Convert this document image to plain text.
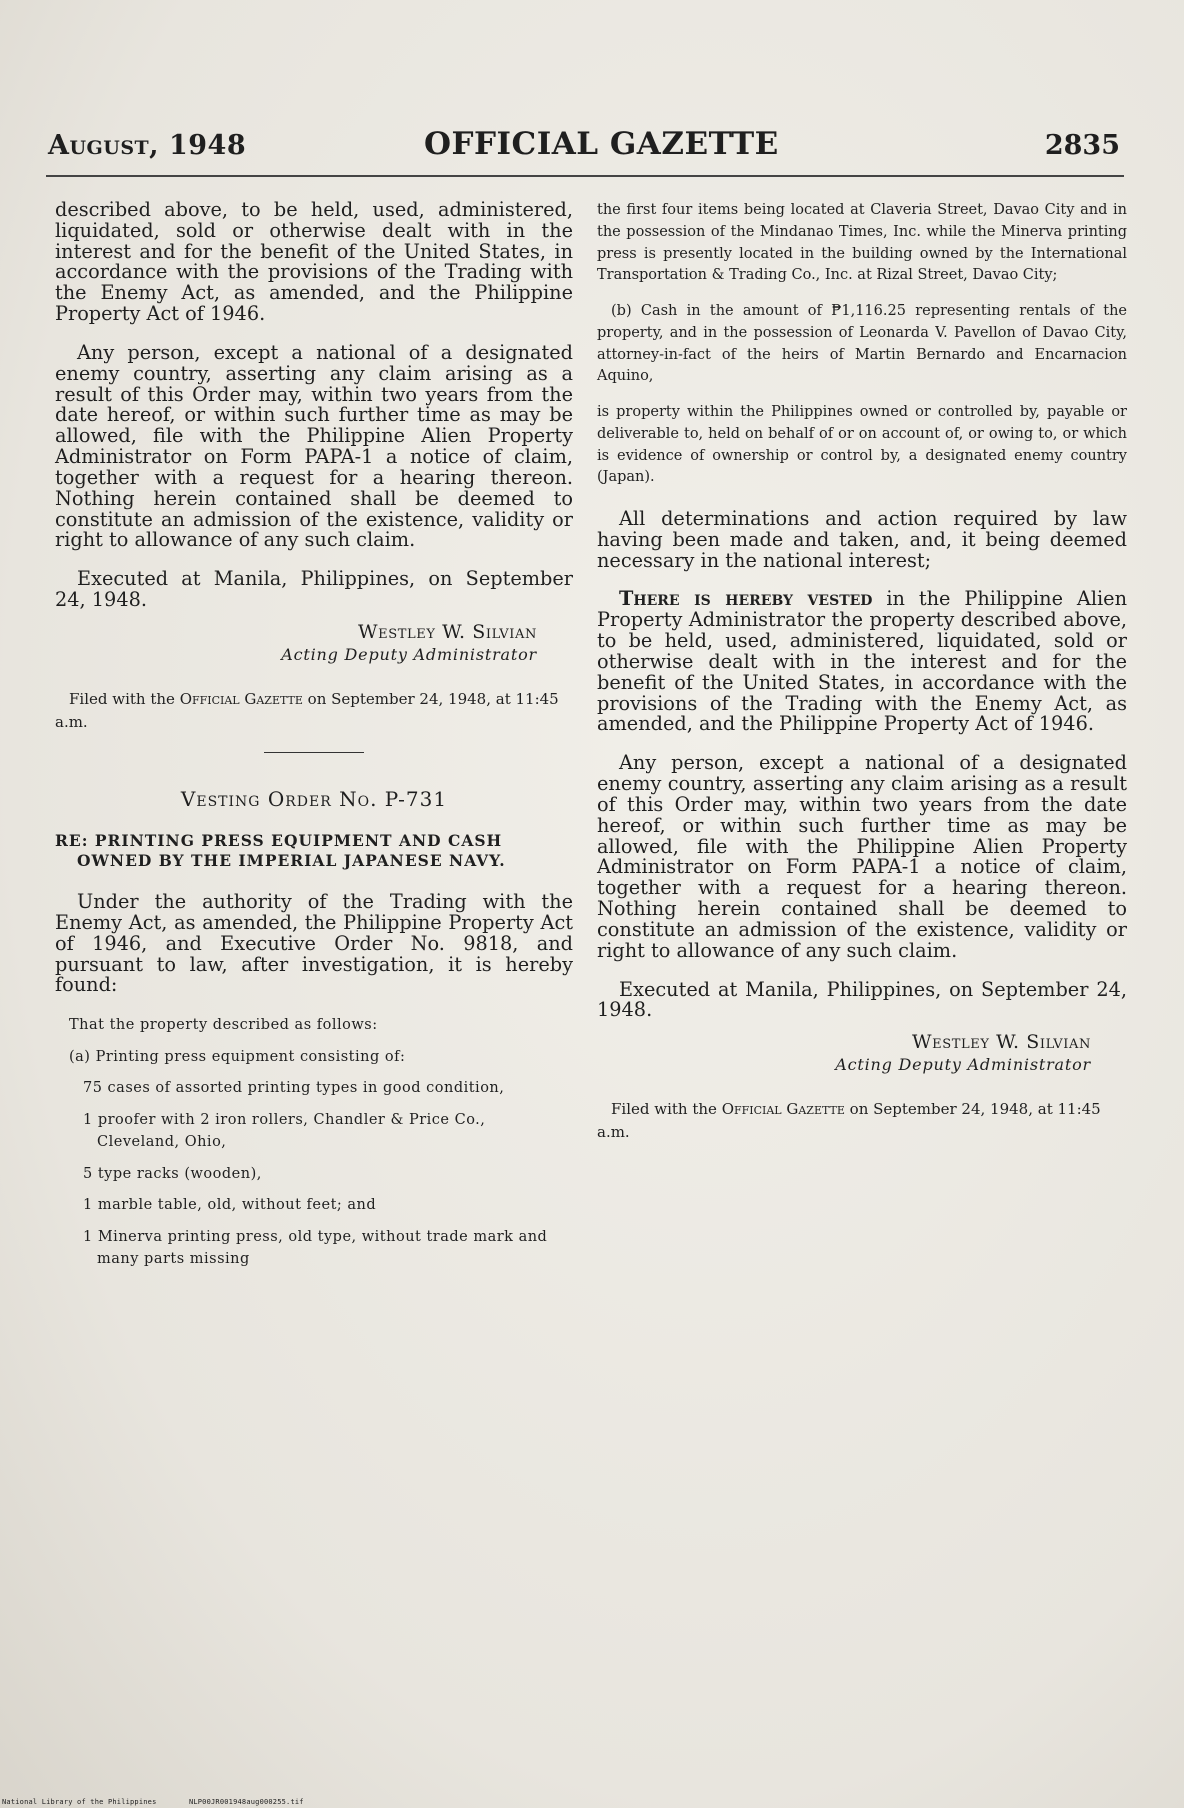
August, 1948	OFFICIAL GAZETTE	2835

described above, to be held, used, administered, liquidated, sold or otherwise dealt with in the interest and for the benefit of the United States, in accordance with the provisions of the Trading with the Enemy Act, as amended, and the Philippine Property Act of 1946.

Any person, except a national of a designated enemy country, asserting any claim arising as a result of this Order may, within two years from the date hereof, or within such further time as may be allowed, file with the Philippine Alien Property Administrator on Form PAPA-1 a notice of claim, together with a request for a hearing thereon. Nothing herein contained shall be deemed to constitute an admission of the existence, validity or right to allowance of any such claim.

Executed at Manila, Philippines, on September 24, 1948.

Westley W. Silvian
Acting Deputy Administrator

Filed with the Official Gazette on September 24, 1948, at 11:45 a.m.

Vesting Order No. P-731
RE: PRINTING PRESS EQUIPMENT AND CASH OWNED BY THE IMPERIAL JAPANESE NAVY.

Under the authority of the Trading with the Enemy Act, as amended, the Philippine Property Act of 1946, and Executive Order No. 9818, and pursuant to law, after investigation, it is hereby found:

That the property described as follows:
(a) Printing press equipment consisting of:
75 cases of assorted printing types in good condition,
1 proofer with 2 iron rollers, Chandler & Price Co., Cleveland, Ohio,
5 type racks (wooden),
1 marble table, old, without feet; and
1 Minerva printing press, old type, without trade mark and many parts missing

the first four items being located at Claveria Street, Davao City and in the possession of the Mindanao Times, Inc. while the Minerva printing press is presently located in the building owned by the International Transportation & Trading Co., Inc. at Rizal Street, Davao City;

(b) Cash in the amount of ₱1,116.25 representing rentals of the property, and in the possession of Leonarda V. Pavellon of Davao City, attorney-in-fact of the heirs of Martin Bernardo and Encarnacion Aquino,

is property within the Philippines owned or controlled by, payable or deliverable to, held on behalf of or on account of, or owing to, or which is evidence of ownership or control by, a designated enemy country (Japan).

All determinations and action required by law having been made and taken, and, it being deemed necessary in the national interest;

There is hereby vested in the Philippine Alien Property Administrator the property described above, to be held, used, administered, liquidated, sold or otherwise dealt with in the interest and for the benefit of the United States, in accordance with the provisions of the Trading with the Enemy Act, as amended, and the Philippine Property Act of 1946.

Any person, except a national of a designated enemy country, asserting any claim arising as a result of this Order may, within two years from the date hereof, or within such further time as may be allowed, file with the Philippine Alien Property Administrator on Form PAPA-1 a notice of claim, together with a request for a hearing thereon. Nothing herein contained shall be deemed to constitute an admission of the existence, validity or right to allowance of any such claim.

Executed at Manila, Philippines, on September 24, 1948.

Westley W. Silvian
Acting Deputy Administrator

Filed with the Official Gazette on September 24, 1948, at 11:45 a.m.

National Library of the Philippines	NLP00JR001948aug000255.tif
